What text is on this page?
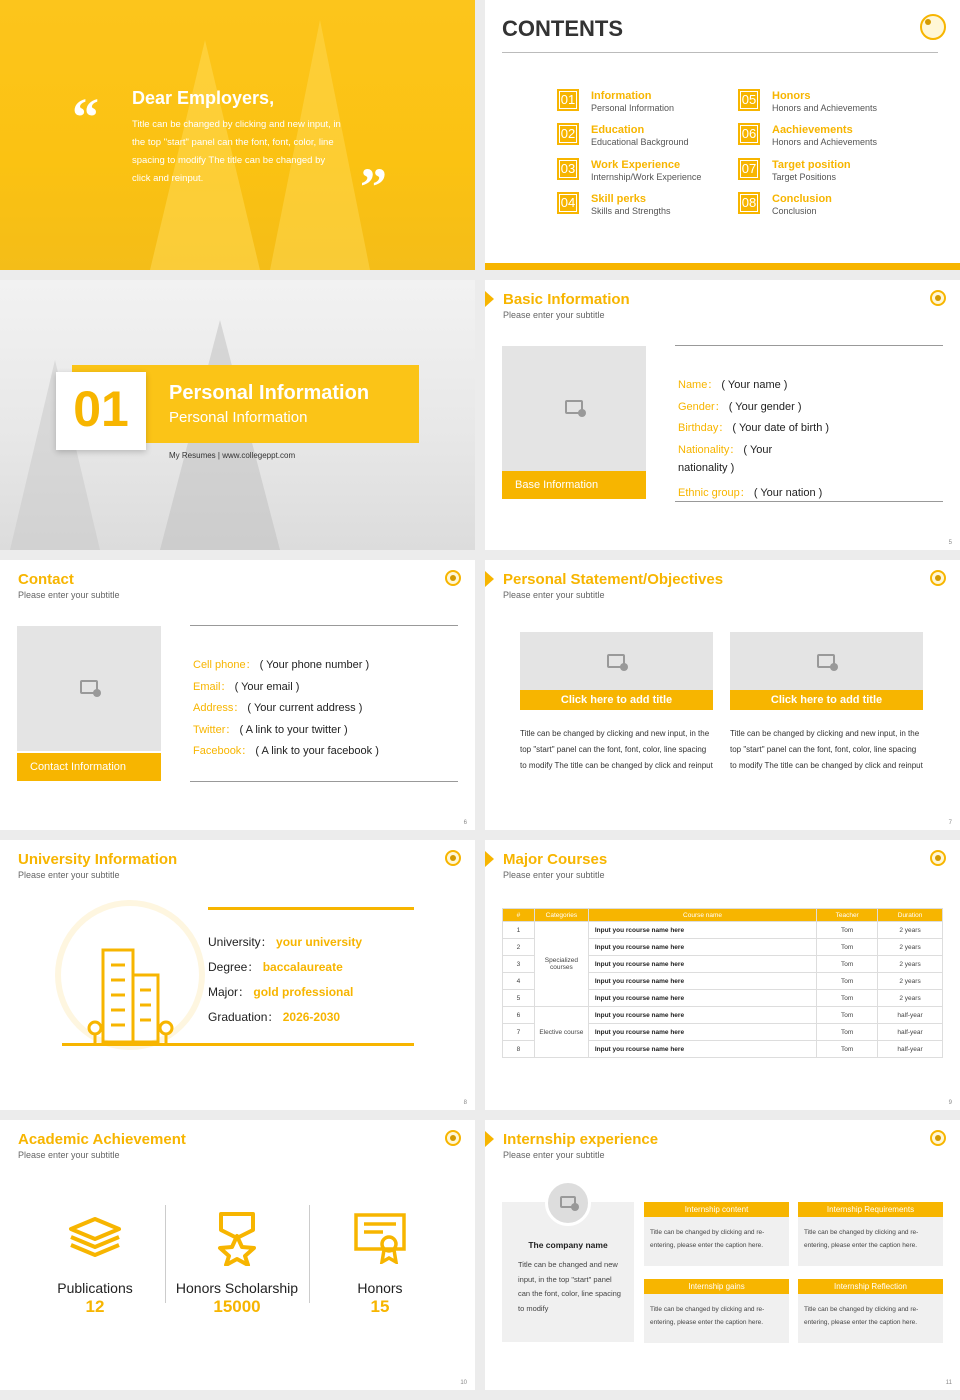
“ Dear Employers,
Title can be changed by clicking and new input, in the top "start" panel can the font, font, color, line spacing to modify The title can be changed by click and reinput.	”
CONTENTS
01	Information
Personal Information
02	Education
Educational Background
03	Work Experience
Internship/Work Experience
04	Skill perks
Skills and Strengths
05	Honors
Honors and Achievements
06	Aachievements
Honors and Achievements
07	Target position
Target Positions
08	Conclusion
Conclusion
01	Personal Information
Personal Information
My Resumes | www.collegeppt.com
Basic Information
Please enter your subtitle
Base Information
5
Name： ( Your name )
Gender： ( Your gender )
Birthday： ( Your date of birth )
Nationality： ( Your
nationality )
Ethnic group： ( Your nation )
Contact
Please enter your subtitle
Contact Information
6
Cell phone： ( Your phone number )
Email： ( Your email )
Address： ( Your current address )
Twitter： ( A link to your twitter )
Facebook： ( A link to your facebook )
Personal Statement/Objectives
Please enter your subtitle
Click here to add title
Title can be changed by clicking and new input, in the top "start" panel can the font, font, color, line spacing to modify The title can be changed by click and reinput
Click here to add title
Title can be changed by clicking and new input, in the top "start" panel can the font, font, color, line spacing to modify The title can be changed by click and reinput
7
University Information
Please enter your subtitle
8
University： your university
Degree： baccalaureate
Major： gold professional
Graduation： 2026-2030
Major Courses
Please enter your subtitle
#	Categories	Course name	Teacher	Duration
1	Specialized courses	Input you rcourse name here	Tom	2 years
2		Input you rcourse name here	Tom	2 years
3		Input you rcourse name here	Tom	2 years
4		Input you rcourse name here	Tom	2 years
5		Input you rcourse name here	Tom	2 years
6	Elective course	Input you rcourse name here	Tom	half-year
7		Input you rcourse name here	Tom	half-year
8		Input you rcourse name here	Tom	half-year
9
Academic Achievement
Please enter your subtitle
Publications
12
Honors Scholarship
15000
Honors
15
10
Internship experience
Please enter your subtitle
The company name
Title can be changed and new input, in the top "start" panel can the font, color, line spacing to modify
Internship content
Title can be changed by clicking and re-entering, please enter the caption here.
Internship Requirements
Title can be changed by clicking and re-entering, please enter the caption here.
Internship gains
Title can be changed by clicking and re-entering, please enter the caption here.
Internship Reflection
Title can be changed by clicking and re-entering, please enter the caption here.
11
